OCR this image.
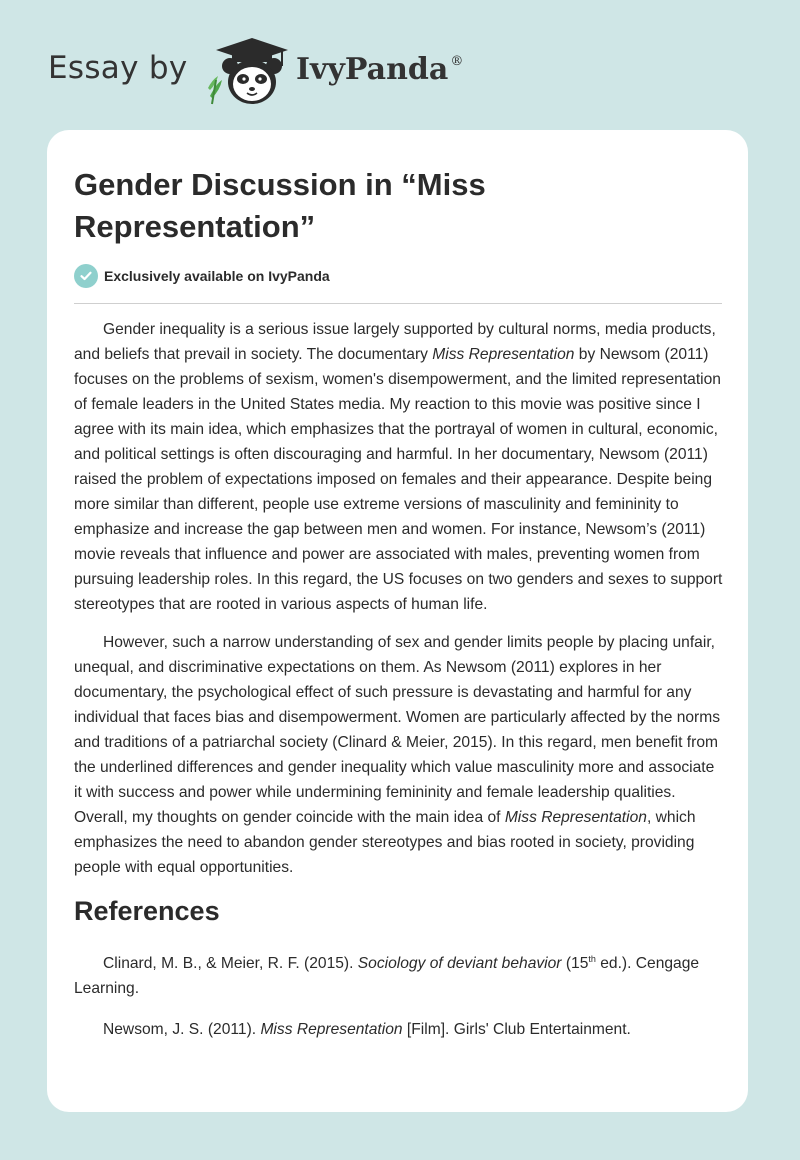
Essay by	IvyPanda ®
Gender Discussion in “Miss Representation”
Exclusively available on IvyPanda

Gender inequality is a serious issue largely supported by cultural norms, media products, and beliefs that prevail in society. The documentary Miss Representation by Newsom (2011) focuses on the problems of sexism, women's disempowerment, and the limited representation of female leaders in the United States media. My reaction to this movie was positive since I agree with its main idea, which emphasizes that the portrayal of women in cultural, economic, and political settings is often discouraging and harmful. In her documentary, Newsom (2011) raised the problem of expectations imposed on females and their appearance. Despite being more similar than different, people use extreme versions of masculinity and femininity to emphasize and increase the gap between men and women. For instance, Newsom’s (2011) movie reveals that influence and power are associated with males, preventing women from pursuing leadership roles. In this regard, the US focuses on two genders and sexes to support stereotypes that are rooted in various aspects of human life.

However, such a narrow understanding of sex and gender limits people by placing unfair, unequal, and discriminative expectations on them. As Newsom (2011) explores in her documentary, the psychological effect of such pressure is devastating and harmful for any individual that faces bias and disempowerment. Women are particularly affected by the norms and traditions of a patriarchal society (Clinard & Meier, 2015). In this regard, men benefit from the underlined differences and gender inequality which value masculinity more and associate it with success and power while undermining femininity and female leadership qualities. Overall, my thoughts on gender coincide with the main idea of Miss Representation, which emphasizes the need to abandon gender stereotypes and bias rooted in society, providing people with equal opportunities.

References

Clinard, M. B., & Meier, R. F. (2015). Sociology of deviant behavior (15th ed.). Cengage Learning.

Newsom, J. S. (2011). Miss Representation [Film]. Girls' Club Entertainment.
